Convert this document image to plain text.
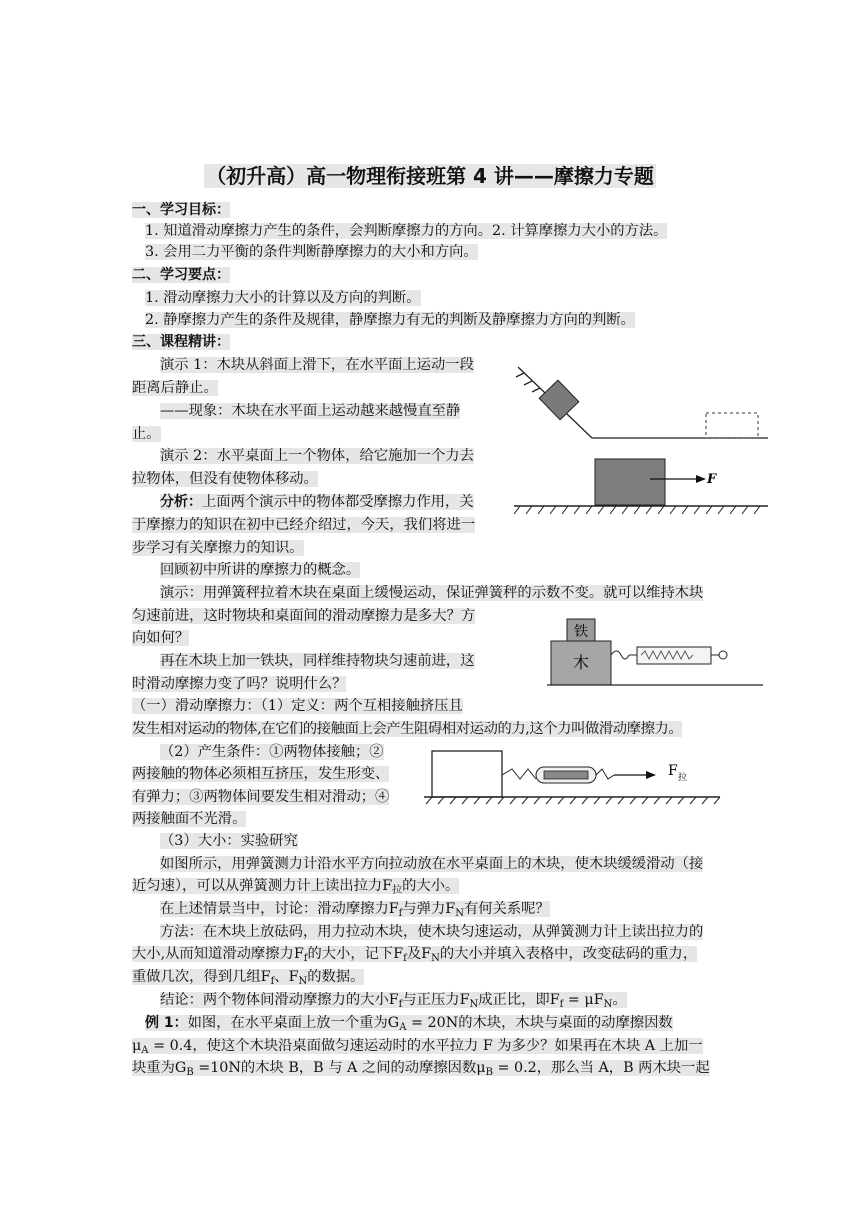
（初升高）高一物理衔接班第 4 讲——摩擦力专题
一、学习目标：
1. 知道滑动摩擦力产生的条件，会判断摩擦力的方向。2. 计算摩擦力大小的方法。
3. 会用二力平衡的条件判断静摩擦力的大小和方向。
二、学习要点：
1. 滑动摩擦力大小的计算以及方向的判断。
2. 静摩擦力产生的条件及规律，静摩擦力有无的判断及静摩擦力方向的判断。
三、课程精讲：
演示 1：木块从斜面上滑下，在水平面上运动一段
距离后静止。
——现象：木块在水平面上运动越来越慢直至静
止。
演示 2：水平桌面上一个物体，给它施加一个力去
拉物体，但没有使物体移动。
分析：上面两个演示中的物体都受摩擦力作用，关
于摩擦力的知识在初中已经介绍过，今天，我们将进一
步学习有关摩擦力的知识。
回顾初中所讲的摩擦力的概念。
演示：用弹簧秤拉着木块在桌面上缓慢运动，保证弹簧秤的示数不变。就可以维持木块
匀速前进，这时物块和桌面间的滑动摩擦力是多大？方
向如何？
再在木块上加一铁块，同样维持物块匀速前进，这
时滑动摩擦力变了吗？说明什么？
（一）滑动摩擦力：（1）定义：两个互相接触挤压且
发生相对运动的物体,在它们的接触面上会产生阻碍相对运动的力,这个力叫做滑动摩擦力。
（2）产生条件：①两物体接触；②
两接触的物体必须相互挤压，发生形变、
有弹力；③两物体间要发生相对滑动；④
两接触面不光滑。
（3）大小：实验研究
如图所示，用弹簧测力计沿水平方向拉动放在水平桌面上的木块，使木块缓缓滑动（接
近匀速），可以从弹簧测力计上读出拉力$F_拉$的大小。
在上述情景当中，讨论：滑动摩擦力$F_f$与弹力$F_N$有何关系呢？
方法：在木块上放砝码，用力拉动木块，使木块匀速运动，从弹簧测力计上读出拉力的
大小,从而知道滑动摩擦力$F_f$的大小，记下$F_f$及$F_N$的大小并填入表格中，改变砝码的重力，
重做几次，得到几组$F_f$、$F_N$的数据。
结论：两个物体间滑动摩擦力的大小$F_f$与正压力$F_N$成正比，即$F_f = \mu F_N$。
例 1：如图，在水平桌面上放一个重为$G_A = 20N$的木块，木块与桌面的动摩擦因数
$\mu_A = 0.4$，使这个木块沿桌面做匀速运动时的水平拉力 F 为多少？如果再在木块 A 上加一
块重为$G_B =10N$的木块 B，B 与 A 之间的动摩擦因数$\mu_B = 0.2$，那么当 A，B 两木块一起
F
铁
木
F 拉
